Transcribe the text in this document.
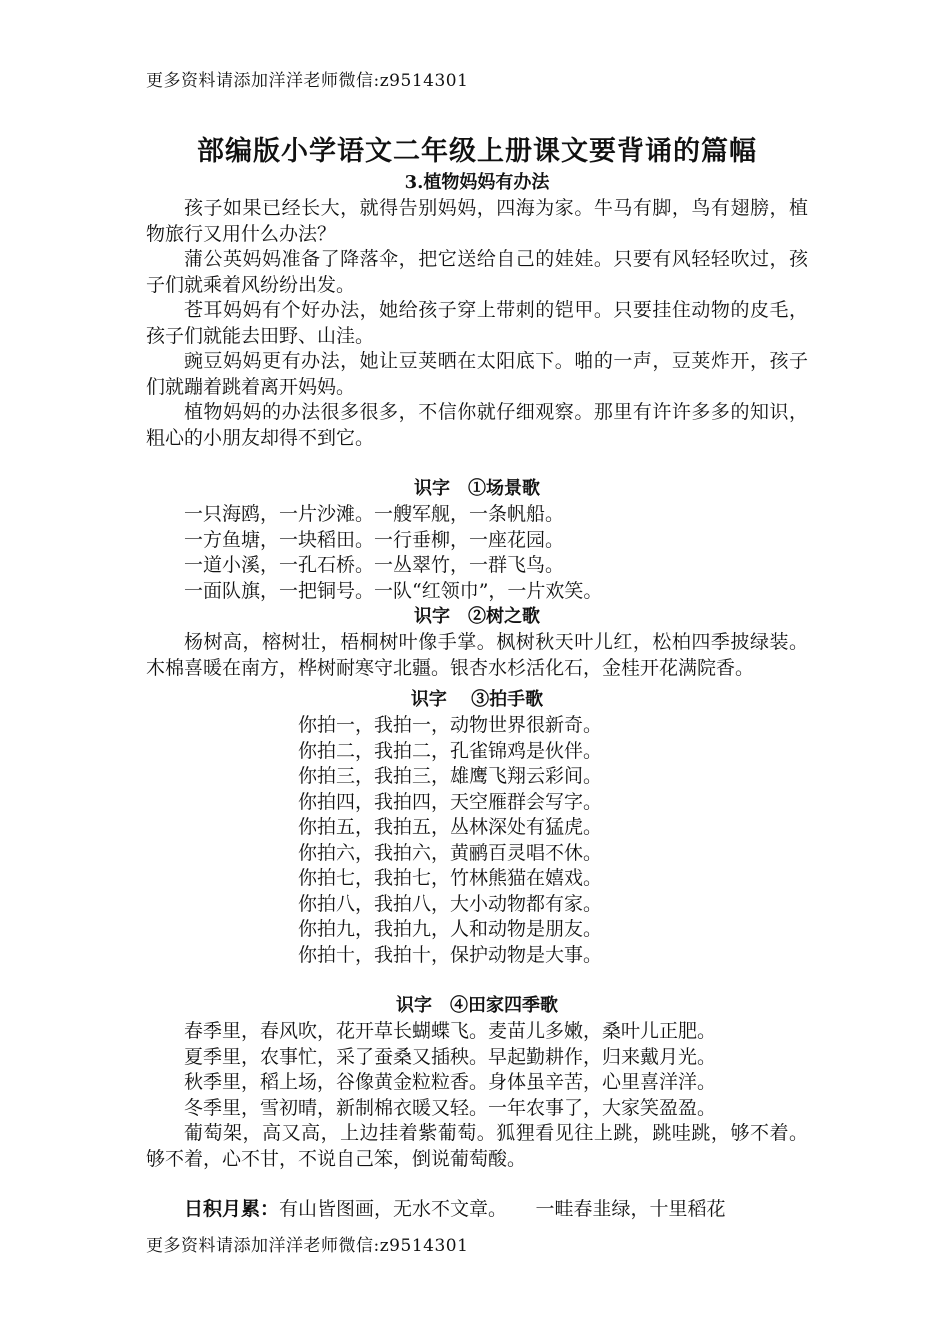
更多资料请添加洋洋老师微信:z9514301
部编版小学语文二年级上册课文要背诵的篇幅
3.植物妈妈有办法

孩子如果已经长大，就得告别妈妈，四海为家。牛马有脚，鸟有翅膀，植物旅行又用什么办法？

蒲公英妈妈准备了降落伞，把它送给自己的娃娃。只要有风轻轻吹过，孩子们就乘着风纷纷出发。

苍耳妈妈有个好办法，她给孩子穿上带刺的铠甲。只要挂住动物的皮毛，孩子们就能去田野、山洼。

豌豆妈妈更有办法，她让豆荚晒在太阳底下。啪的一声，豆荚炸开，孩子们就蹦着跳着离开妈妈。

植物妈妈的办法很多很多，不信你就仔细观察。那里有许许多多的知识，粗心的小朋友却得不到它。

识字　①场景歌

一只海鸥，一片沙滩。一艘军舰，一条帆船。

一方鱼塘，一块稻田。一行垂柳，一座花园。

一道小溪，一孔石桥。一丛翠竹，一群飞鸟。

一面队旗，一把铜号。一队“红领巾”，一片欢笑。

识字　②树之歌

杨树高，榕树壮，梧桐树叶像手掌。枫树秋天叶儿红，松柏四季披绿装。木棉喜暖在南方，桦树耐寒守北疆。银杏水杉活化石，金桂开花满院香。

识字　 ③拍手歌

你拍一，我拍一，动物世界很新奇。

你拍二，我拍二，孔雀锦鸡是伙伴。

你拍三，我拍三，雄鹰飞翔云彩间。

你拍四，我拍四，天空雁群会写字。

你拍五，我拍五，丛林深处有猛虎。

你拍六，我拍六，黄鹂百灵唱不休。

你拍七，我拍七，竹林熊猫在嬉戏。

你拍八，我拍八，大小动物都有家。

你拍九，我拍九，人和动物是朋友。

你拍十，我拍十，保护动物是大事。

识字　④田家四季歌

春季里，春风吹，花开草长蝴蝶飞。麦苗儿多嫩，桑叶儿正肥。

夏季里，农事忙，采了蚕桑又插秧。早起勤耕作，归来戴月光。

秋季里，稻上场，谷像黄金粒粒香。身体虽辛苦，心里喜洋洋。

冬季里，雪初晴，新制棉衣暖又轻。一年农事了，大家笑盈盈。

葡萄架，高又高，上边挂着紫葡萄。狐狸看见往上跳，跳哇跳，够不着。够不着，心不甘，不说自己笨，倒说葡萄酸。

日积月累：有山皆图画，无水不文章。　　一畦春韭绿，十里稻花

更多资料请添加洋洋老师微信:z9514301
